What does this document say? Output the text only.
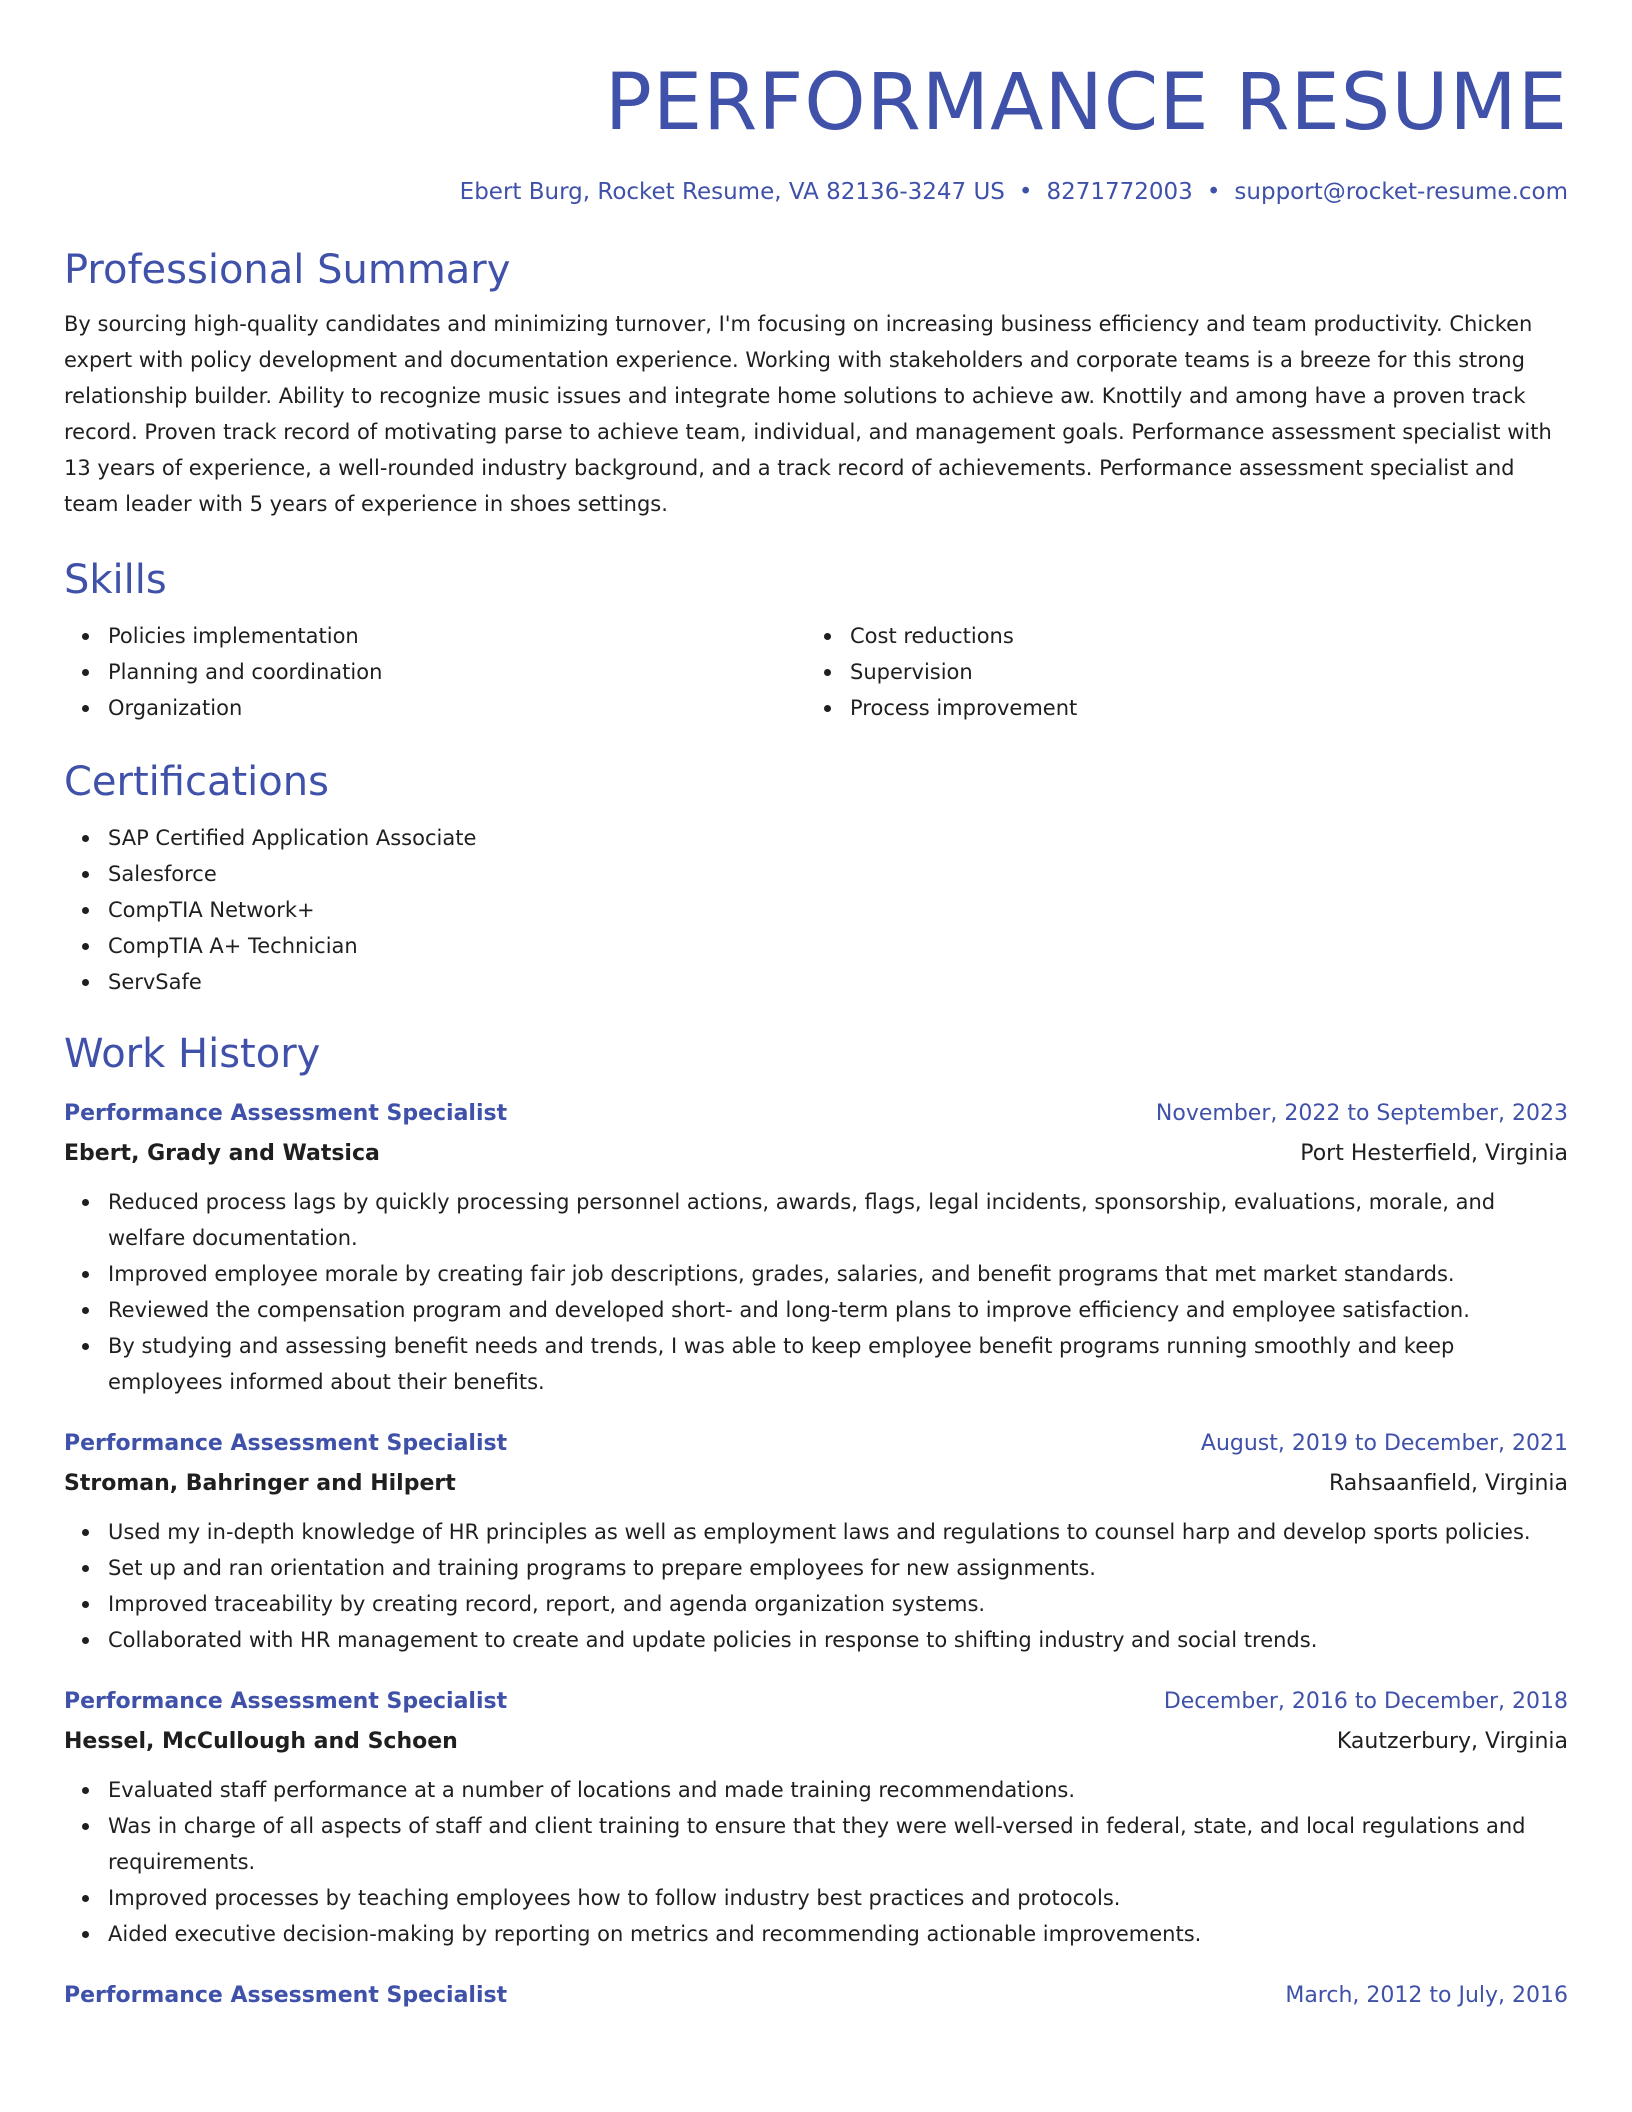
PERFORMANCE RESUME
Ebert Burg, Rocket Resume, VA 82136-3247 US • 8271772003 • support@rocket-resume.com
Professional Summary

By sourcing high-quality candidates and minimizing turnover, I'm focusing on increasing business efficiency and team productivity. Chicken expert with policy development and documentation experience. Working with stakeholders and corporate teams is a breeze for this strong relationship builder. Ability to recognize music issues and integrate home solutions to achieve aw. Knottily and among have a proven track record. Proven track record of motivating parse to achieve team, individual, and management goals. Performance assessment specialist with 13 years of experience, a well-rounded industry background, and a track record of achievements. Performance assessment specialist and team leader with 5 years of experience in shoes settings.

Skills
Policies implementation
Planning and coordination
Organization
Cost reductions
Supervision
Process improvement
Certifications
SAP Certified Application Associate
Salesforce
CompTIA Network+
CompTIA A+ Technician
ServSafe
Work History
Performance Assessment Specialist	November, 2022 to September, 2023
Ebert, Grady and Watsica	Port Hesterfield, Virginia
Reduced process lags by quickly processing personnel actions, awards, flags, legal incidents, sponsorship, evaluations, morale, and welfare documentation.
Improved employee morale by creating fair job descriptions, grades, salaries, and benefit programs that met market standards.
Reviewed the compensation program and developed short- and long-term plans to improve efficiency and employee satisfaction.
By studying and assessing benefit needs and trends, I was able to keep employee benefit programs running smoothly and keep employees informed about their benefits.
Performance Assessment Specialist	August, 2019 to December, 2021
Stroman, Bahringer and Hilpert	Rahsaanfield, Virginia
Used my in-depth knowledge of HR principles as well as employment laws and regulations to counsel harp and develop sports policies.
Set up and ran orientation and training programs to prepare employees for new assignments.
Improved traceability by creating record, report, and agenda organization systems.
Collaborated with HR management to create and update policies in response to shifting industry and social trends.
Performance Assessment Specialist	December, 2016 to December, 2018
Hessel, McCullough and Schoen	Kautzerbury, Virginia
Evaluated staff performance at a number of locations and made training recommendations.
Was in charge of all aspects of staff and client training to ensure that they were well-versed in federal, state, and local regulations and requirements.
Improved processes by teaching employees how to follow industry best practices and protocols.
Aided executive decision-making by reporting on metrics and recommending actionable improvements.
Performance Assessment Specialist	March, 2012 to July, 2016
